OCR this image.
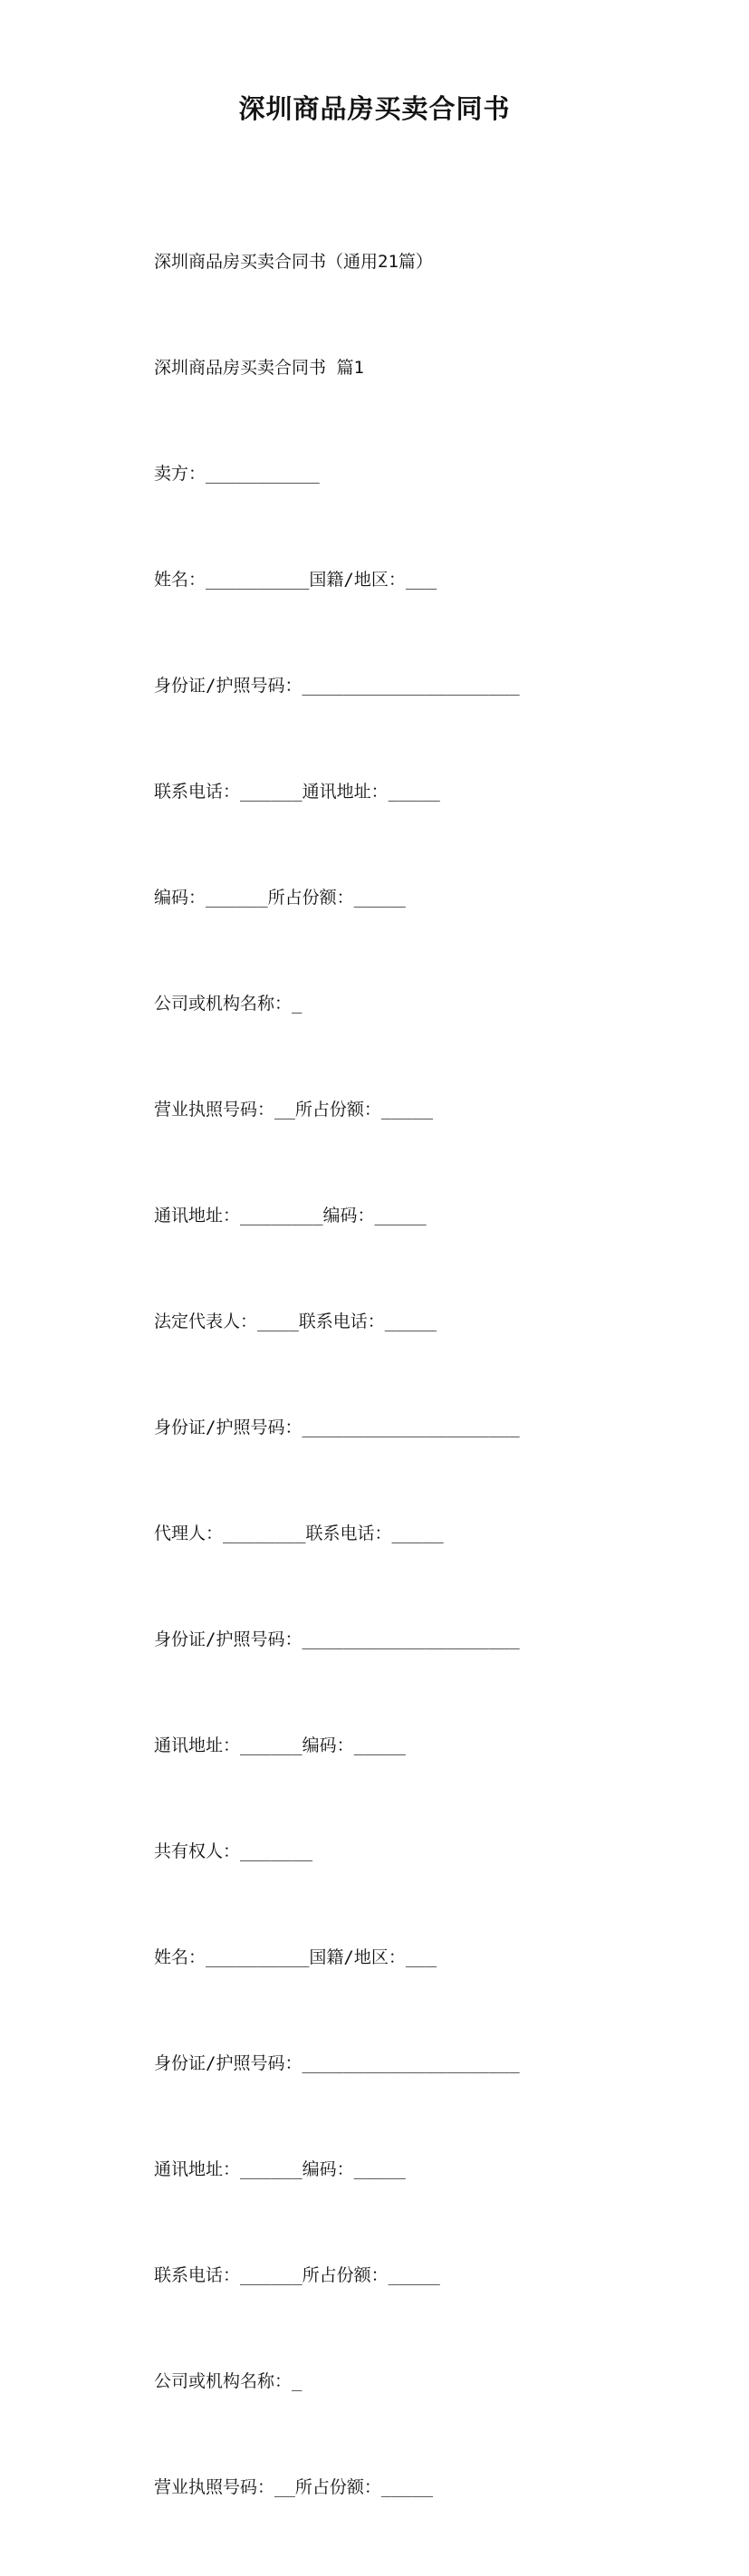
深圳商品房买卖合同书

深圳商品房买卖合同书（通用21篇）

深圳商品房买卖合同书 篇1

卖方：___________

姓名：__________国籍/地区：___

身份证/护照号码：_____________________

联系电话：______通讯地址：_____

编码：______所占份额：_____

公司或机构名称：_

营业执照号码：__所占份额：_____

通讯地址：________编码：_____

法定代表人：____联系电话：_____

身份证/护照号码：_____________________

代理人：________联系电话：_____

身份证/护照号码：_____________________

通讯地址：______编码：_____

共有权人：_______

姓名：__________国籍/地区：___

身份证/护照号码：_____________________

通讯地址：______编码：_____

联系电话：______所占份额：_____

公司或机构名称：_

营业执照号码：__所占份额：_____
